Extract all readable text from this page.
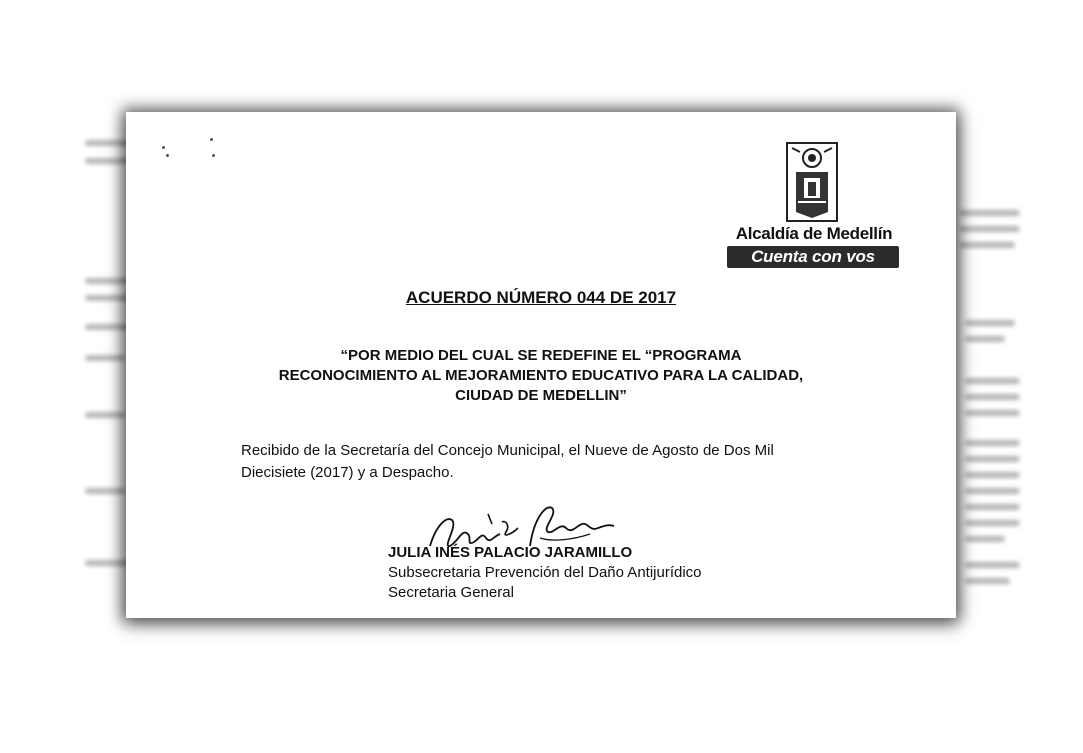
Alcaldía de Medellín
Cuenta con vos
ACUERDO NÚMERO 044 DE 2017
“POR MEDIO DEL CUAL SE REDEFINE EL “PROGRAMA
RECONOCIMIENTO AL MEJORAMIENTO EDUCATIVO PARA LA CALIDAD,
CIUDAD DE MEDELLIN”
Recibido de la Secretaría del Concejo Municipal, el Nueve de Agosto de Dos Mil
Diecisiete (2017) y a Despacho.
JULIA INÉS PALACIO JARAMILLO
Subsecretaria Prevención del Daño Antijurídico
Secretaria General
